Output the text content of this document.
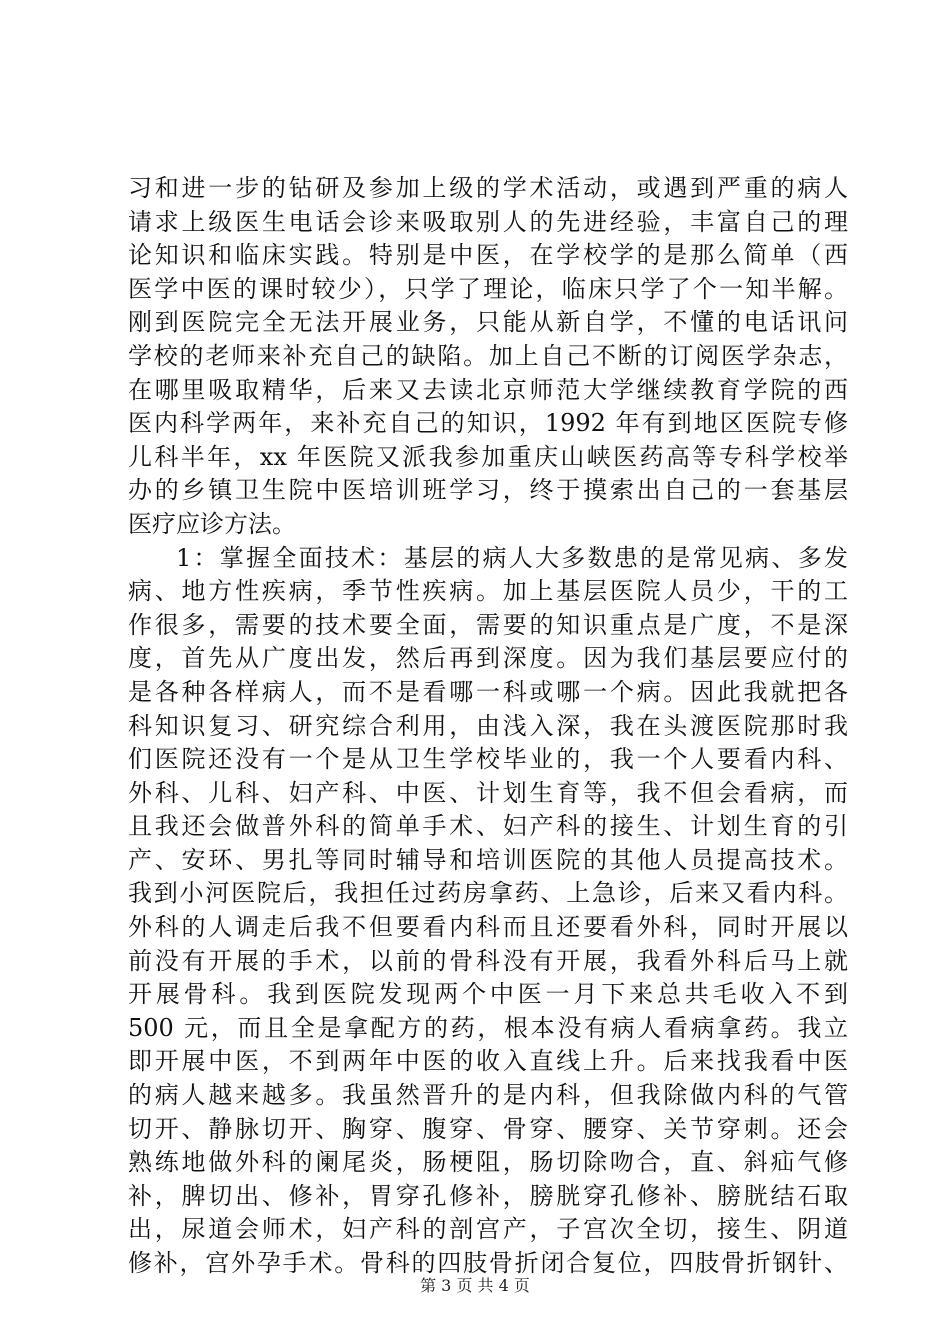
习和进一步的钻研及参加上级的学术活动，或遇到严重的病人
请求上级医生电话会诊来吸取别人的先进经验，丰富自己的理
论知识和临床实践。特别是中医，在学校学的是那么简单（西
医学中医的课时较少），只学了理论，临床只学了个一知半解。
刚到医院完全无法开展业务，只能从新自学，不懂的电话讯问
学校的老师来补充自己的缺陷。加上自己不断的订阅医学杂志，
在哪里吸取精华，后来又去读北京师范大学继续教育学院的西
医内科学两年，来补充自己的知识，1992 年有到地区医院专修
儿科半年，xx 年医院又派我参加重庆山峡医药高等专科学校举
办的乡镇卫生院中医培训班学习，终于摸索出自己的一套基层
医疗应诊方法。
1：掌握全面技术：基层的病人大多数患的是常见病、多发
病、地方性疾病，季节性疾病。加上基层医院人员少，干的工
作很多，需要的技术要全面，需要的知识重点是广度，不是深
度，首先从广度出发，然后再到深度。因为我们基层要应付的
是各种各样病人，而不是看哪一科或哪一个病。因此我就把各
科知识复习、研究综合利用，由浅入深，我在头渡医院那时我
们医院还没有一个是从卫生学校毕业的，我一个人要看内科、
外科、儿科、妇产科、中医、计划生育等，我不但会看病，而
且我还会做普外科的简单手术、妇产科的接生、计划生育的引
产、安环、男扎等同时辅导和培训医院的其他人员提高技术。
我到小河医院后，我担任过药房拿药、上急诊，后来又看内科。
外科的人调走后我不但要看内科而且还要看外科，同时开展以
前没有开展的手术，以前的骨科没有开展，我看外科后马上就
开展骨科。我到医院发现两个中医一月下来总共毛收入不到
500 元，而且全是拿配方的药，根本没有病人看病拿药。我立
即开展中医，不到两年中医的收入直线上升。后来找我看中医
的病人越来越多。我虽然晋升的是内科，但我除做内科的气管
切开、静脉切开、胸穿、腹穿、骨穿、腰穿、关节穿刺。还会
熟练地做外科的阑尾炎，肠梗阻，肠切除吻合，直、斜疝气修
补，脾切出、修补，胃穿孔修补，膀胱穿孔修补、膀胱结石取
出，尿道会师术，妇产科的剖宫产，子宫次全切，接生、阴道
修补，宫外孕手术。骨科的四肢骨折闭合复位，四肢骨折钢针、
第 3 页 共 4 页
